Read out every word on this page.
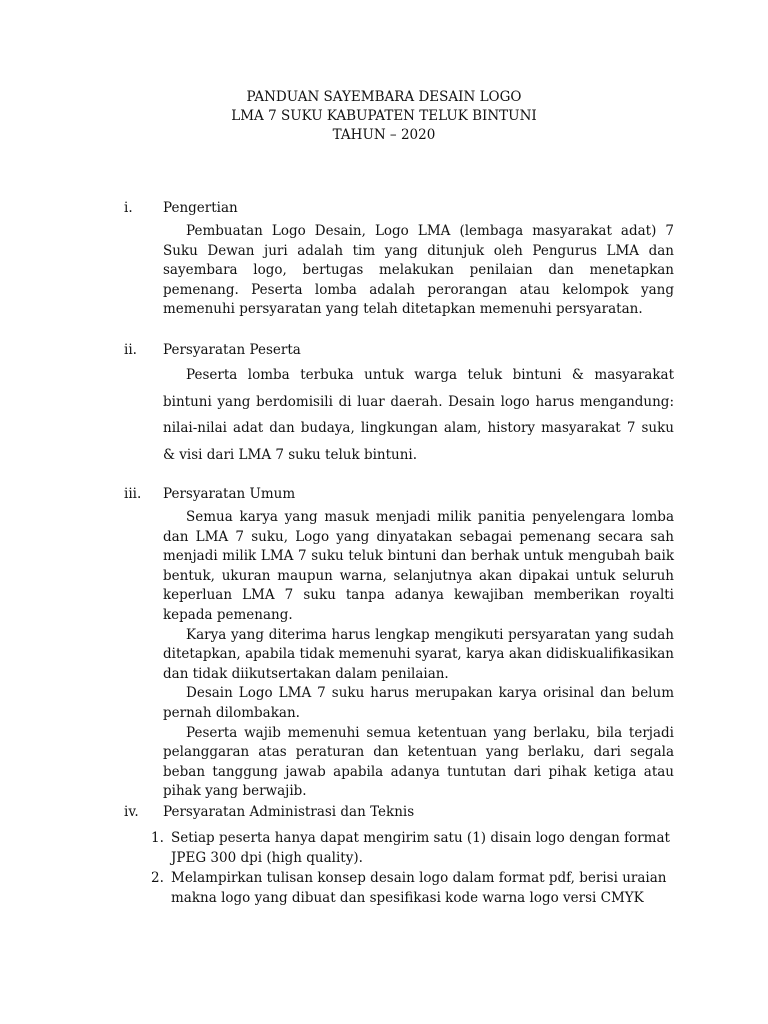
PANDUAN SAYEMBARA DESAIN LOGO
LMA 7 SUKU KABUPATEN TELUK BINTUNI
TAHUN – 2020
i.	Pengertian

Pembuatan Logo Desain, Logo LMA (lembaga masyarakat adat) 7 Suku Dewan juri adalah tim yang ditunjuk oleh Pengurus LMA dan sayembara logo, bertugas melakukan penilaian dan menetapkan pemenang. Peserta lomba adalah perorangan atau kelompok yang memenuhi persyaratan yang telah ditetapkan memenuhi persyaratan.

ii.	Persyaratan Peserta

Peserta lomba terbuka untuk warga teluk bintuni & masyarakat bintuni yang berdomisili di luar daerah. Desain logo harus mengandung: nilai-nilai adat dan budaya, lingkungan alam, history masyarakat 7 suku & visi dari LMA 7 suku teluk bintuni.

iii.	Persyaratan Umum

Semua karya yang masuk menjadi milik panitia penyelengara lomba dan LMA 7 suku, Logo yang dinyatakan sebagai pemenang secara sah menjadi milik LMA 7 suku teluk bintuni dan berhak untuk mengubah baik bentuk, ukuran maupun warna, selanjutnya akan dipakai untuk seluruh keperluan LMA 7 suku tanpa adanya kewajiban memberikan royalti kepada pemenang.

Karya yang diterima harus lengkap mengikuti persyaratan yang sudah ditetapkan, apabila tidak memenuhi syarat, karya akan didiskualifikasikan dan tidak diikutsertakan dalam penilaian.

Desain Logo LMA 7 suku harus merupakan karya orisinal dan belum pernah dilombakan.

Peserta wajib memenuhi semua ketentuan yang berlaku, bila terjadi pelanggaran atas peraturan dan ketentuan yang berlaku, dari segala beban tanggung jawab apabila adanya tuntutan dari pihak ketiga atau pihak yang berwajib.

iv.	Persyaratan Administrasi dan Teknis
1. Setiap peserta hanya dapat mengirim satu (1) disain logo dengan format JPEG 300 dpi (high quality).
2. Melampirkan tulisan konsep desain logo dalam format pdf, berisi uraian makna logo yang dibuat dan spesifikasi kode warna logo versi CMYK
